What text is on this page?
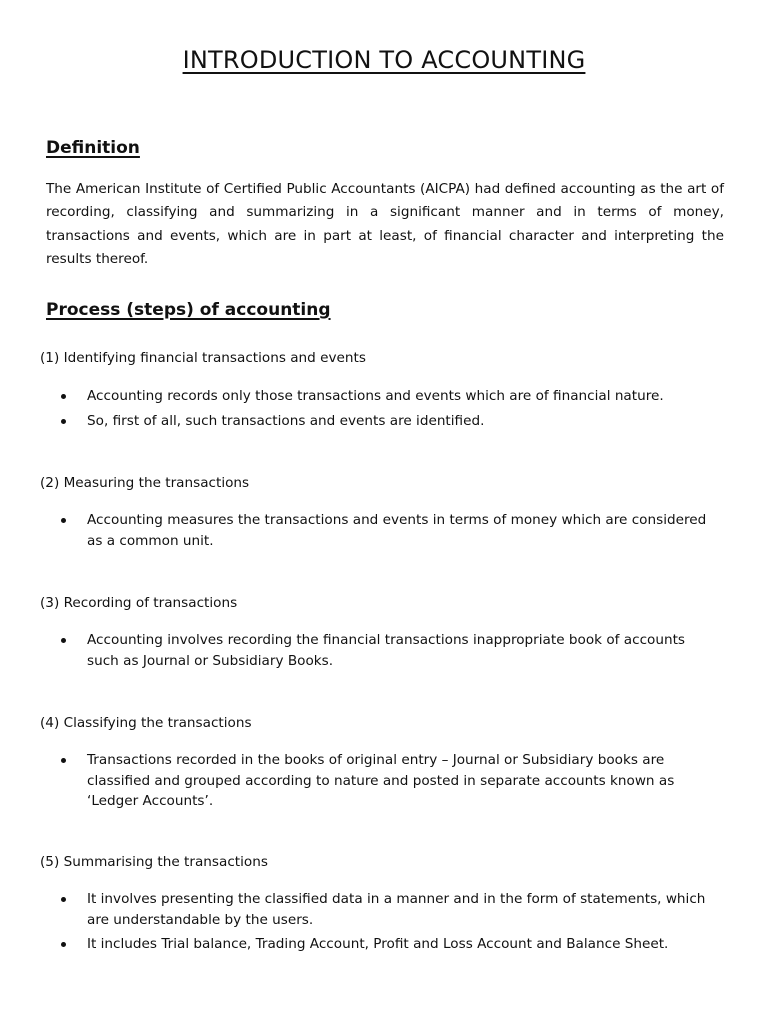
INTRODUCTION TO ACCOUNTING
Definition
The American Institute of Certified Public Accountants (AICPA) had defined accounting as the art of recording, classifying and summarizing in a significant manner and in terms of money, transactions and events, which are in part at least, of financial character and interpreting the results thereof.
Process (steps) of accounting
(1) Identifying financial transactions and events
Accounting records only those transactions and events which are of financial nature.
So, first of all, such transactions and events are identified.
(2) Measuring the transactions
Accounting measures the transactions and events in terms of money which are considered as a common unit.
(3) Recording of transactions
Accounting involves recording the financial transactions inappropriate book of accounts such as Journal or Subsidiary Books.
(4) Classifying the transactions
Transactions recorded in the books of original entry – Journal or Subsidiary books are classified and grouped according to nature and posted in separate accounts known as ‘Ledger Accounts’.
(5) Summarising the transactions
It involves presenting the classified data in a manner and in the form of statements, which are understandable by the users.
It includes Trial balance, Trading Account, Profit and Loss Account and Balance Sheet.
